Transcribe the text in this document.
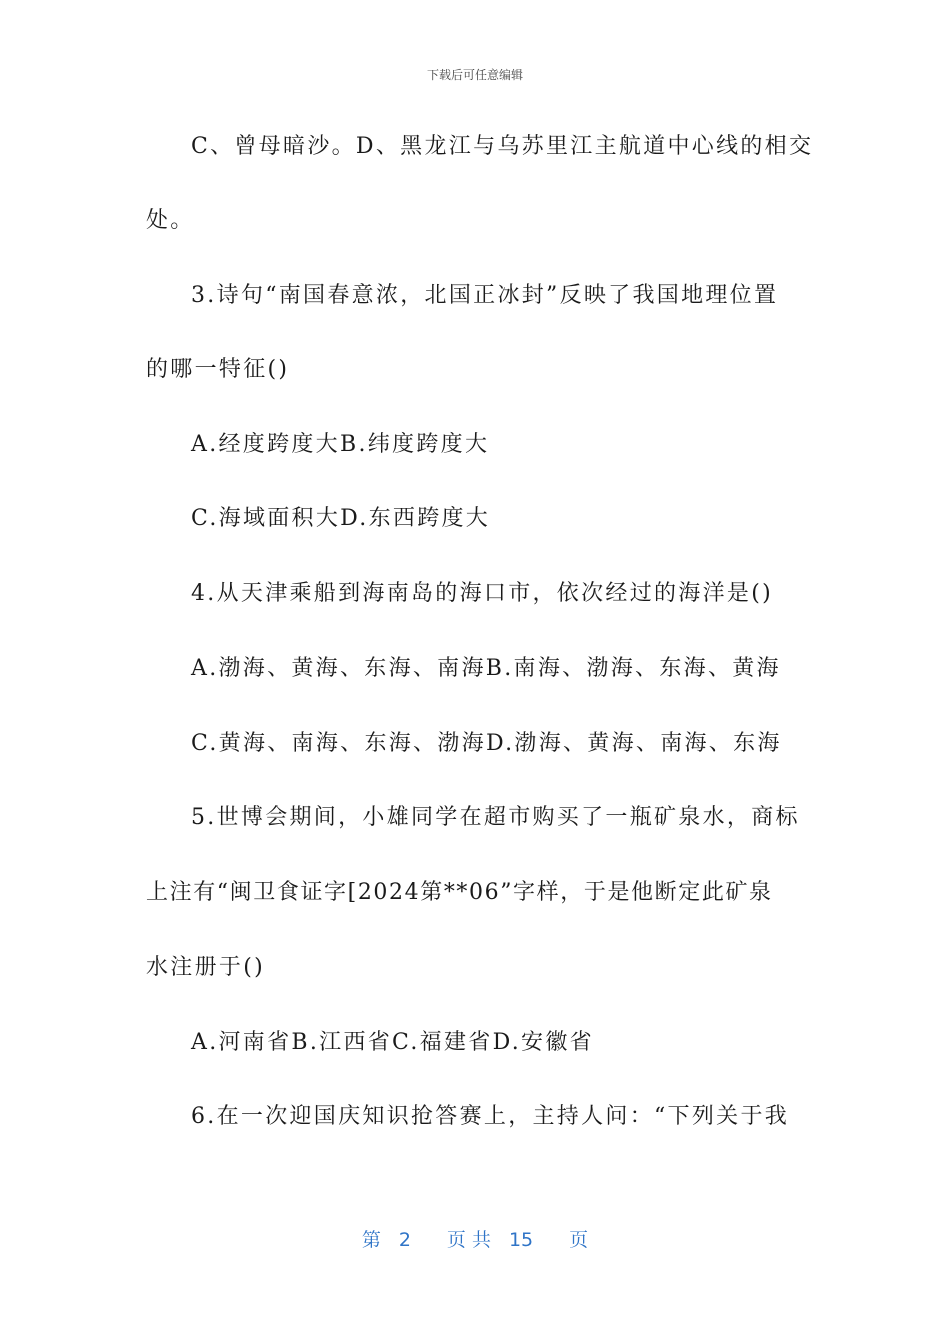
下载后可任意编辑
C、曾母暗沙。D、黑龙江与乌苏里江主航道中心线的相交
处。
3.诗句“南国春意浓，北国正冰封”反映了我国地理位置
的哪一特征()
A.经度跨度大B.纬度跨度大
C.海域面积大D.东西跨度大
4.从天津乘船到海南岛的海口市，依次经过的海洋是()
A.渤海、黄海、东海、南海B.南海、渤海、东海、黄海
C.黄海、南海、东海、渤海D.渤海、黄海、南海、东海
5.世博会期间，小雄同学在超市购买了一瓶矿泉水，商标
上注有“闽卫食证字[2024第**06”字样，于是他断定此矿泉
水注册于()
A.河南省B.江西省C.福建省D.安徽省
6.在一次迎国庆知识抢答赛上，主持人问：“下列关于我
第 2 页 共 15 页
